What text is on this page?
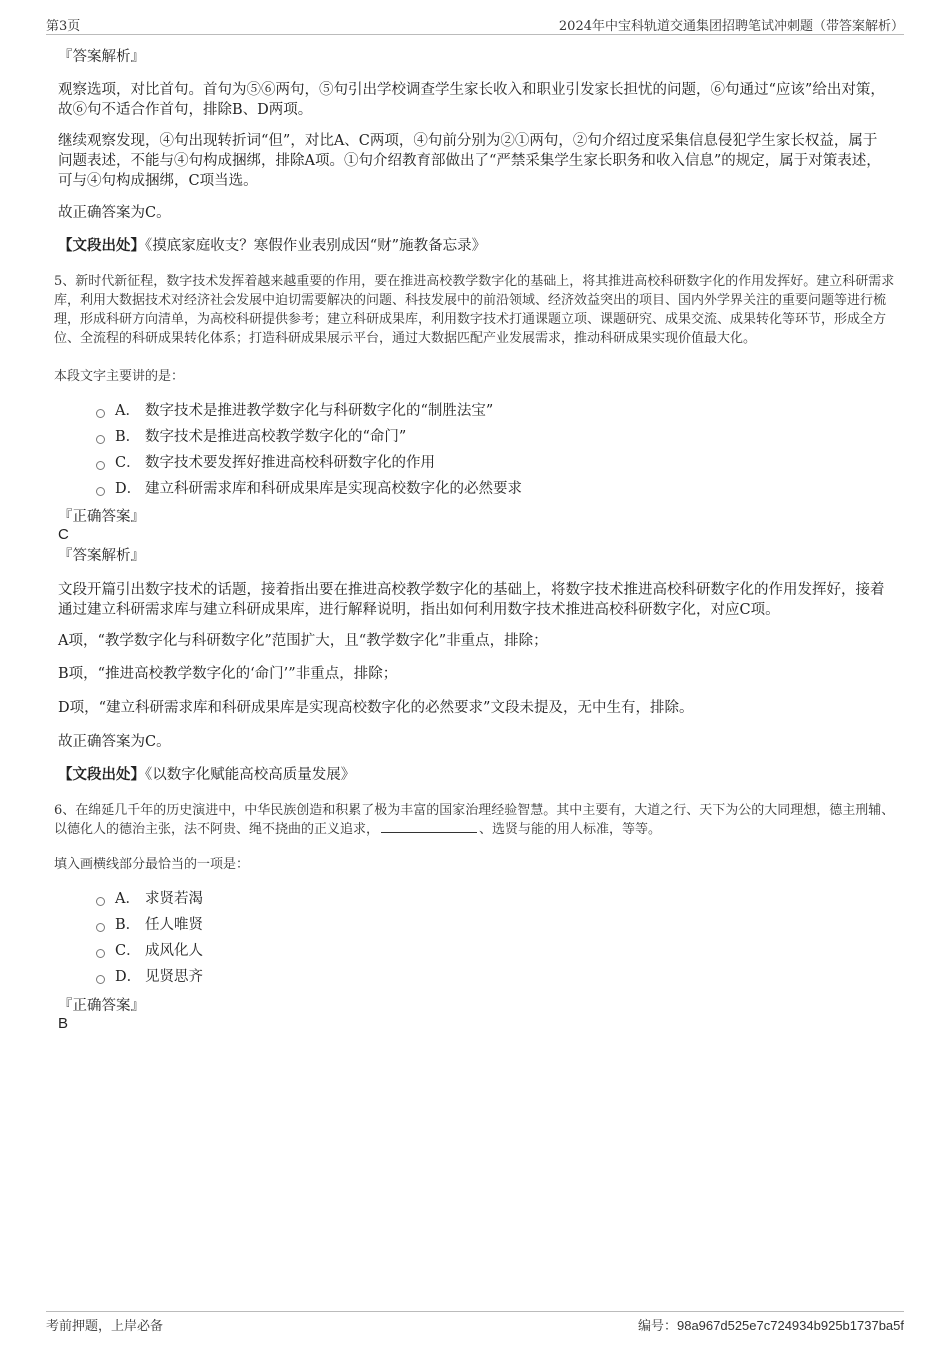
第3页	2024年中宝科轨道交通集团招聘笔试冲刺题（带答案解析）

『答案解析』

观察选项，对比首句。首句为⑤⑥两句，⑤句引出学校调查学生家长收入和职业引发家长担忧的问题，⑥句通过“应该”给出对策，故⑥句不适合作首句，排除B、D两项。

继续观察发现，④句出现转折词“但”，对比A、C两项，④句前分别为②①两句，②句介绍过度采集信息侵犯学生家长权益，属于问题表述，不能与④句构成捆绑，排除A项。①句介绍教育部做出了“严禁采集学生家长职务和收入信息”的规定，属于对策表述，可与④句构成捆绑，C项当选。

故正确答案为C。

【文段出处】《摸底家庭收支？寒假作业表别成因“财”施教备忘录》

5、新时代新征程，数字技术发挥着越来越重要的作用，要在推进高校教学数字化的基础上，将其推进高校科研数字化的作用发挥好。建立科研需求库，利用大数据技术对经济社会发展中迫切需要解决的问题、科技发展中的前沿领域、经济效益突出的项目、国内外学界关注的重要问题等进行梳理，形成科研方向清单，为高校科研提供参考；建立科研成果库，利用数字技术打通课题立项、课题研究、成果交流、成果转化等环节，形成全方位、全流程的科研成果转化体系；打造科研成果展示平台，通过大数据匹配产业发展需求，推动科研成果实现价值最大化。

本段文字主要讲的是：

A． 数字技术是推进教学数字化与科研数字化的“制胜法宝”
B． 数字技术是推进高校教学数字化的“命门”
C． 数字技术要发挥好推进高校科研数字化的作用
D． 建立科研需求库和科研成果库是实现高校数字化的必然要求

『正确答案』

C

『答案解析』

文段开篇引出数字技术的话题，接着指出要在推进高校教学数字化的基础上，将数字技术推进高校科研数字化的作用发挥好，接着通过建立科研需求库与建立科研成果库，进行解释说明，指出如何利用数字技术推进高校科研数字化，对应C项。

A项，“教学数字化与科研数字化”范围扩大，且“教学数字化”非重点，排除；

B项，“推进高校教学数字化的‘命门’”非重点，排除；

D项，“建立科研需求库和科研成果库是实现高校数字化的必然要求”文段未提及，无中生有，排除。

故正确答案为C。

【文段出处】《以数字化赋能高校高质量发展》

6、在绵延几千年的历史演进中，中华民族创造和积累了极为丰富的国家治理经验智慧。其中主要有，大道之行、天下为公的大同理想，德主刑辅、以德化人的德治主张，法不阿贵、绳不挠曲的正义追求，	、选贤与能的用人标准，等等。

填入画横线部分最恰当的一项是：

A． 求贤若渴
B． 任人唯贤
C． 成风化人
D． 见贤思齐

『正确答案』

B

考前押题，上岸必备	编号：98a967d525e7c724934b925b1737ba5f
